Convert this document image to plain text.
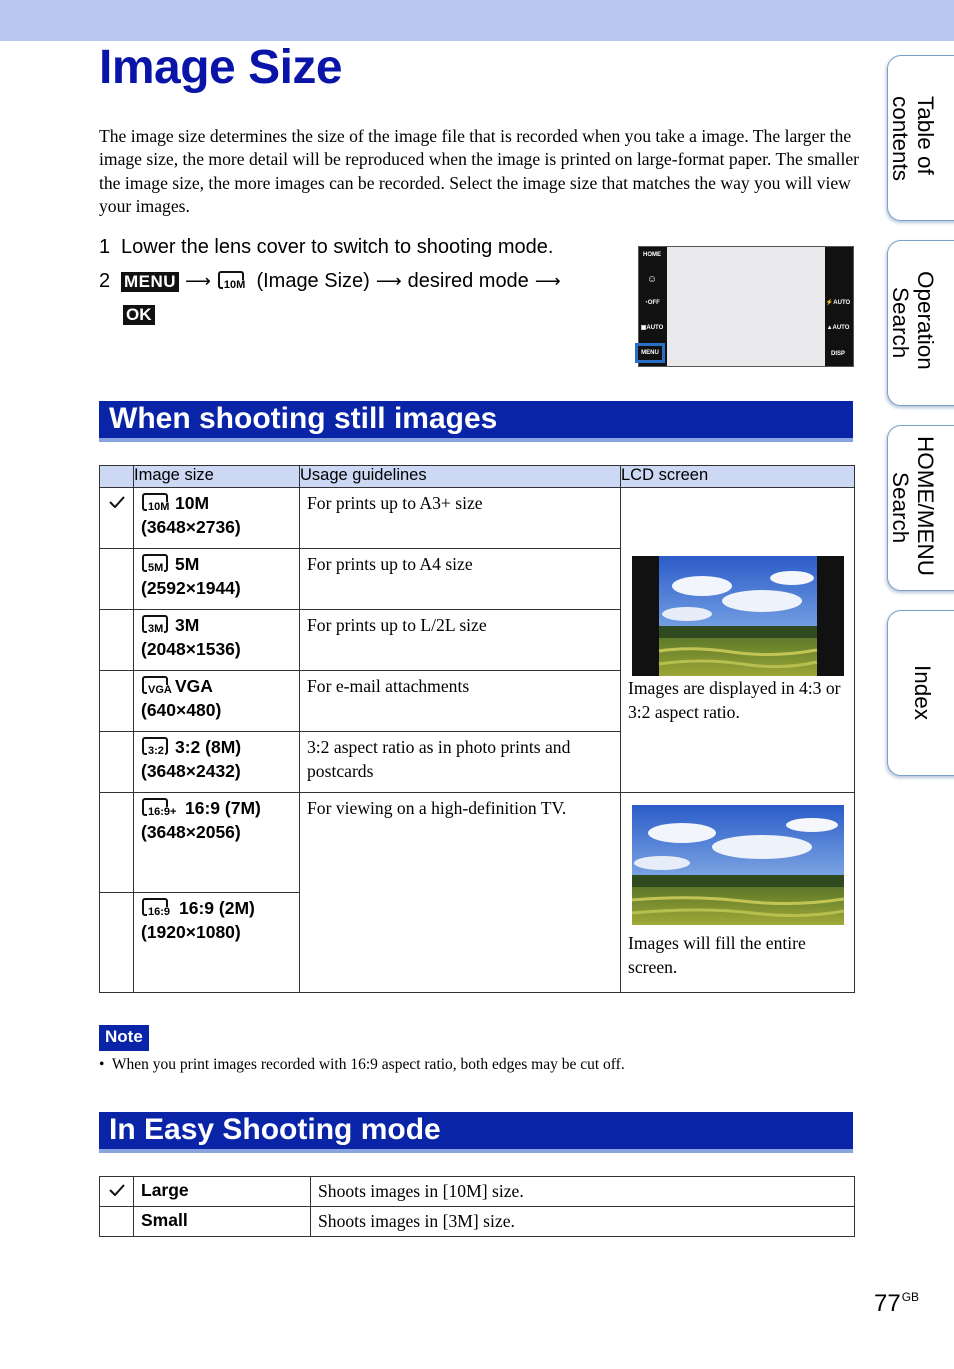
Image Size
The image size determines the size of the image file that is recorded when you take a image. The larger the image size, the more detail will be reproduced when the image is printed on large-format paper. The smaller the image size, the more images can be recorded. Select the image size that matches the way you will view your images.
1 Lower the lens cover to switch to shooting mode.
2 MENU ⟶ 10M (Image Size) ⟶ desired mode ⟶
OK
HOME
☺
◔OFF
▣AUTO
MENU
⚡AUTO
▲AUTO
DISP
When shooting still images
	Image size	Usage guidelines	LCD screen

10M 10M
(3648×2736)	For prints up to A3+ size	Images are displayed in 4:3 or 3:2 aspect ratio.

	5M 5M
(2592×1944)	For prints up to A4 size	

	3M 3M
(2048×1536)	For prints up to L/2L size	

	VGA VGA
(640×480)	For e-mail attachments	

	3:2 3:2 (8M)
(3648×2432)	3:2 aspect ratio as in photo prints and postcards	

	16:9+ 16:9 (7M)
(3648×2056)	For viewing on a high-definition TV.	Images will fill the entire screen.

	16:9 16:9 (2M)
(1920×1080)		
Note
•  When you print images recorded with 16:9 aspect ratio, both edges may be cut off.
In Easy Shooting mode
	Large	Shoots images in [10M] size.
	Small	Shoots images in [3M] size.
Table of
contents
Operation
Search
HOME/MENU
Search
Index
$77^{GB}$
